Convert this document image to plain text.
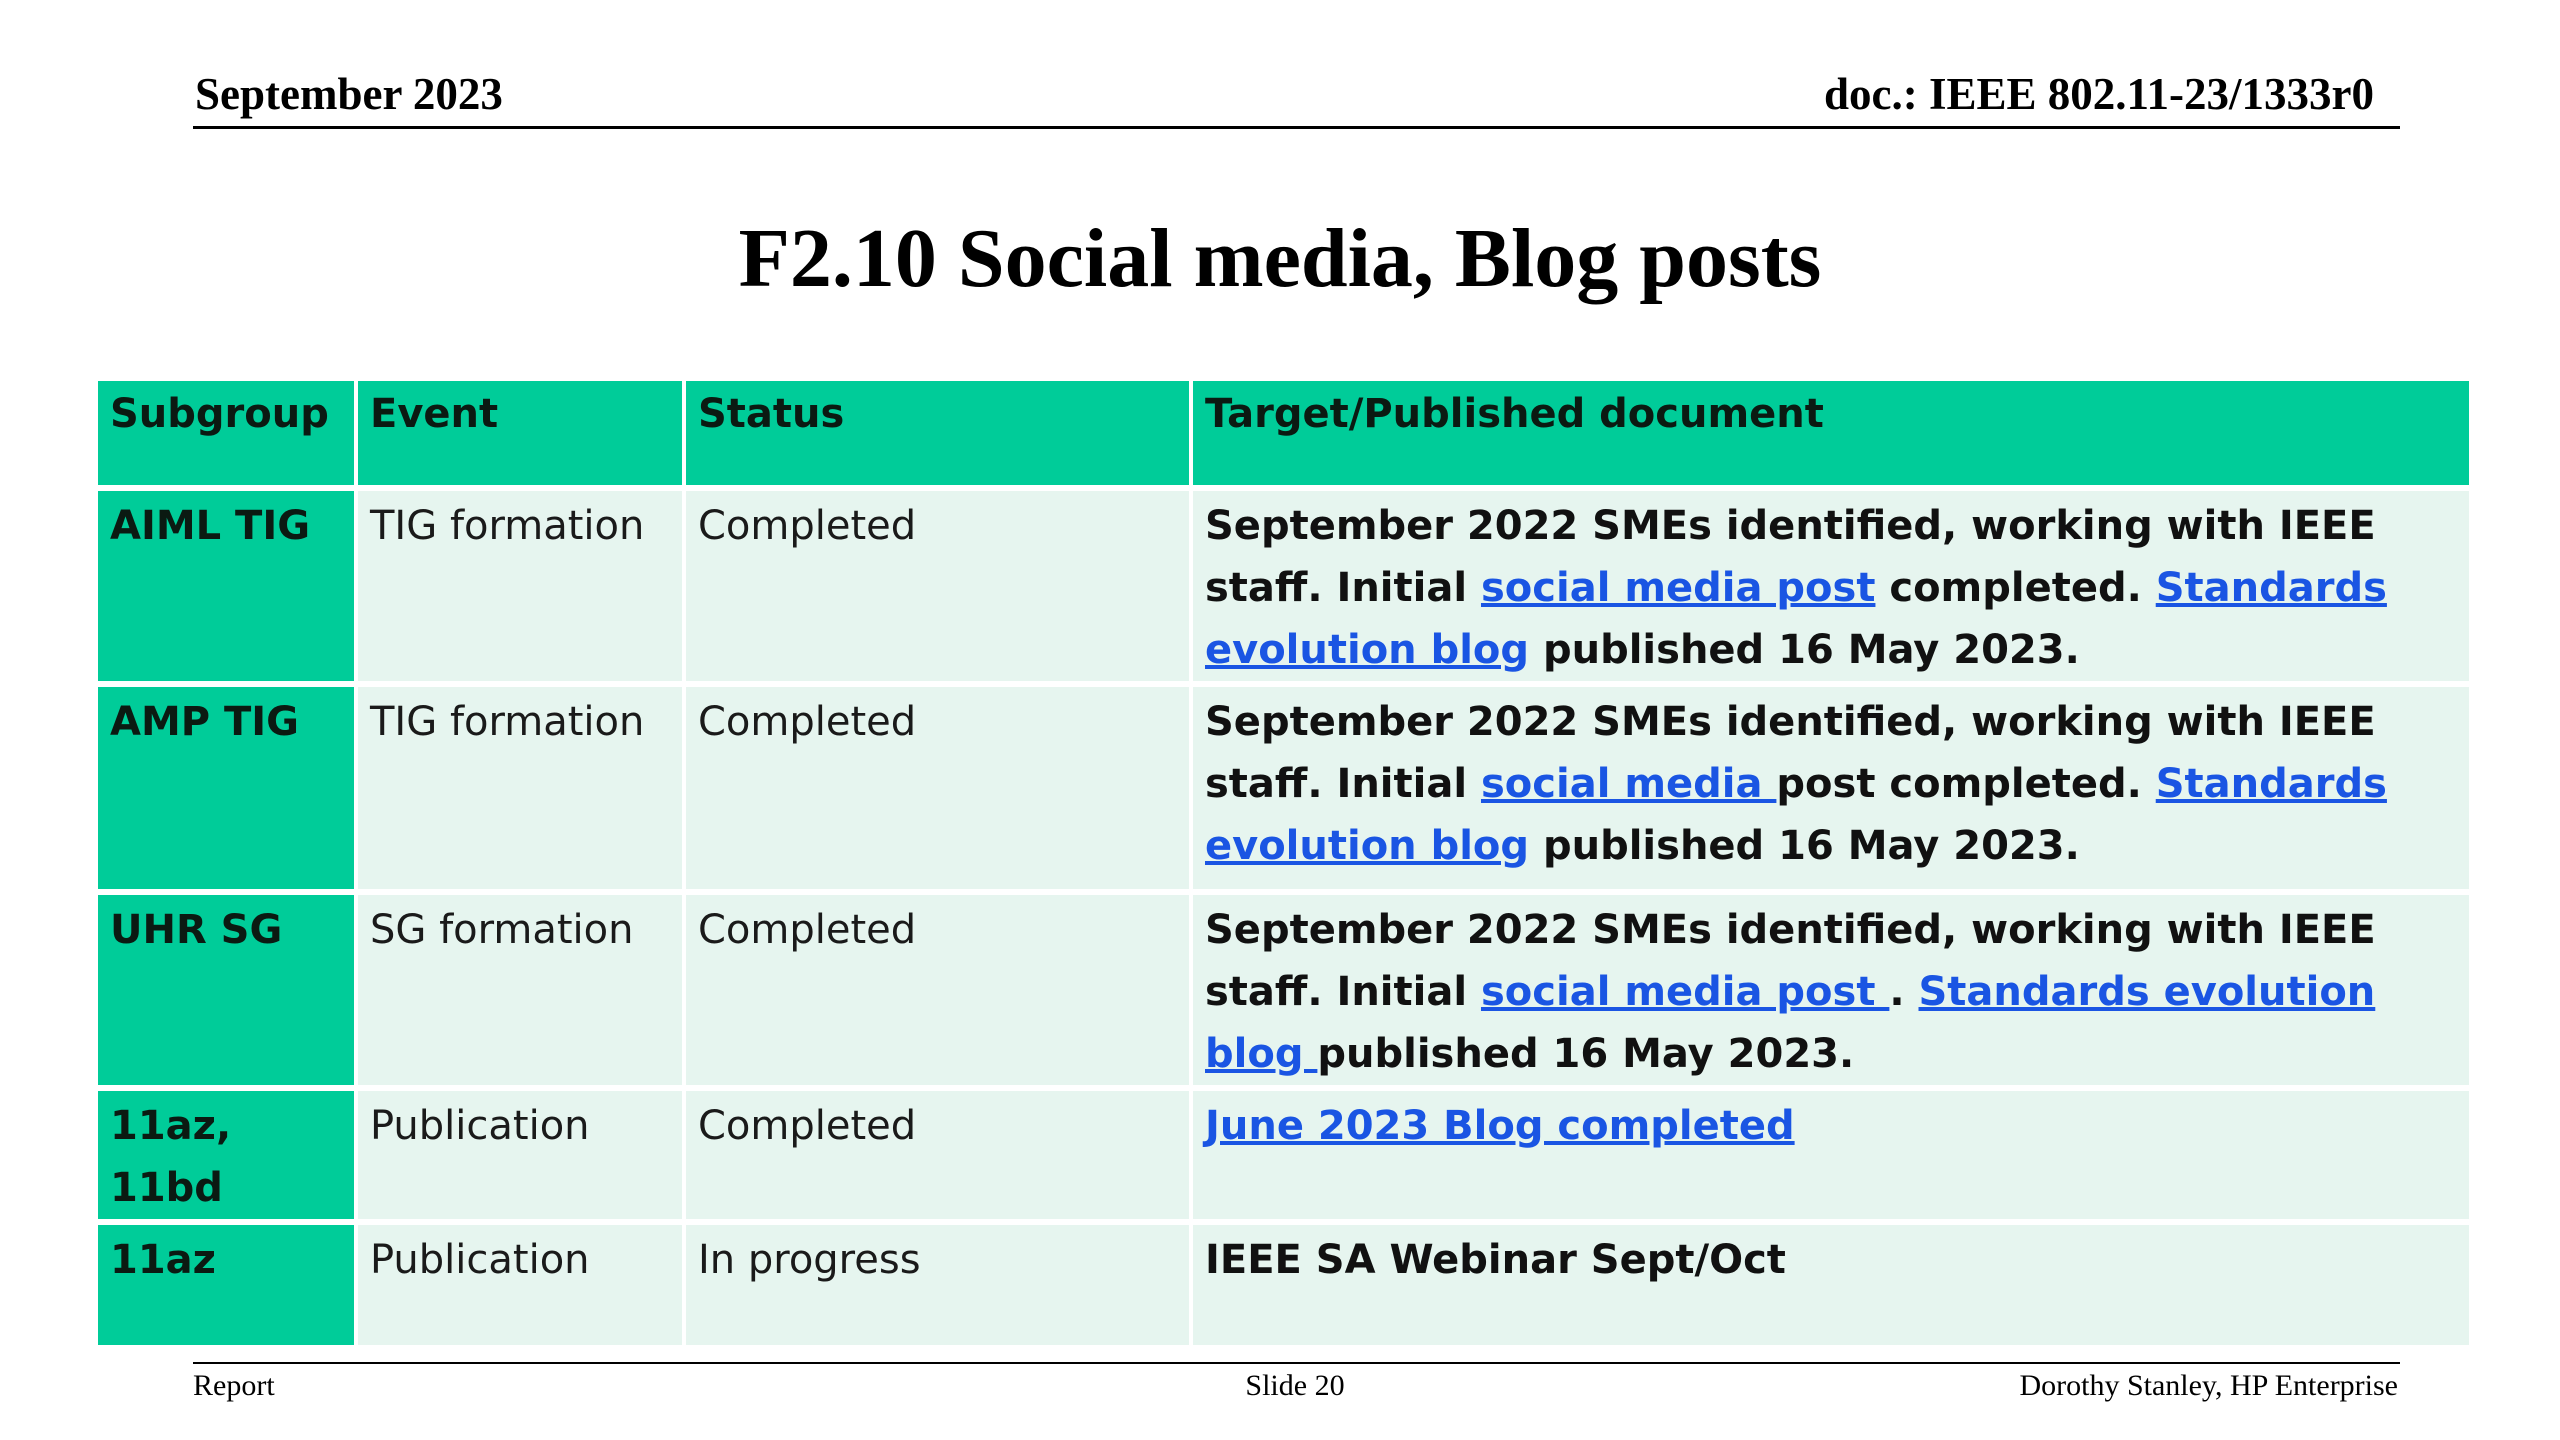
September 2023	doc.: IEEE 802.11-23/1333r0
F2.10 Social media, Blog posts
Subgroup	Event	Status	Target/Published document
AIML TIG	TIG formation	Completed	September 2022 SMEs identified, working with IEEE staff. Initial social media post completed. Standards evolution blog published 16 May 2023.
AMP TIG	TIG formation	Completed	September 2022 SMEs identified, working with IEEE staff. Initial social media post completed. Standards evolution blog published 16 May 2023.
UHR SG	SG formation	Completed	September 2022 SMEs identified, working with IEEE staff. Initial social media post . Standards evolution blog published 16 May 2023.
11az, 11bd	Publication	Completed	June 2023 Blog completed
11az	Publication	In progress	IEEE SA Webinar Sept/Oct
Report	Slide 20	Dorothy Stanley, HP Enterprise
